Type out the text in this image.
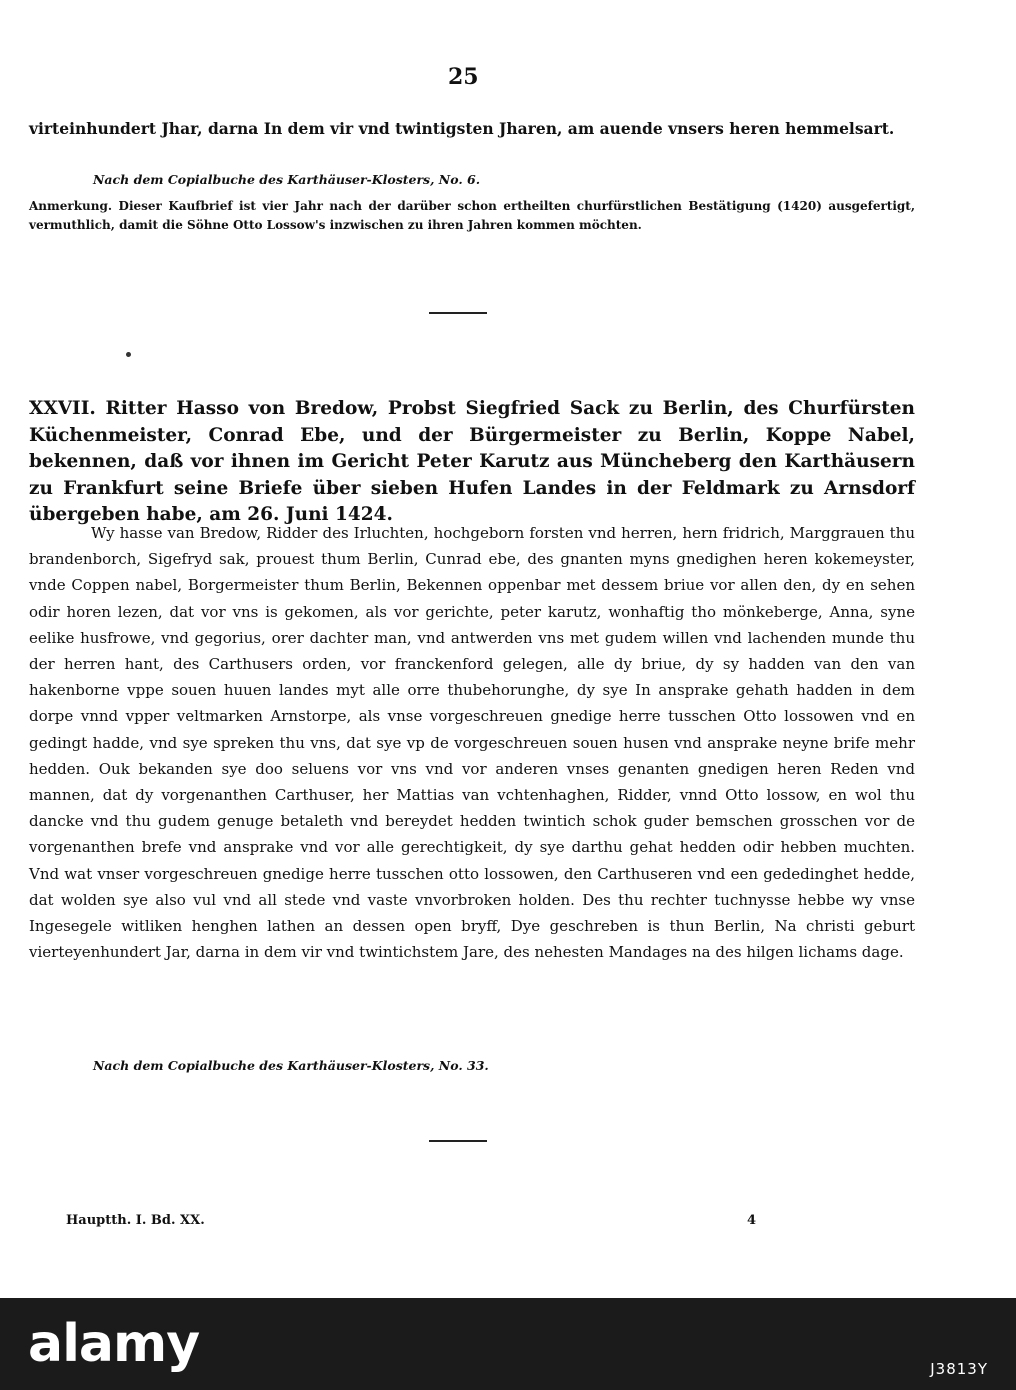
25
virteinhundert Jhar, darna In dem vir vnd twintigsten Jharen, am auende vnsers heren hemmelsart.
Nach dem Copialbuche des Karthäuser-Klosters, No. 6.
Anmerkung. Dieser Kaufbrief ist vier Jahr nach der darüber schon ertheilten churfürstlichen Bestätigung (1420) ausgefertigt, vermuthlich, damit die Söhne Otto Lossow's inzwischen zu ihren Jahren kommen möchten.
XXVII. Ritter Hasso von Bredow, Probst Siegfried Sack zu Berlin, des Churfürsten Küchenmeister, Conrad Ebe, und der Bürgermeister zu Berlin, Koppe Nabel, bekennen, daß vor ihnen im Gericht Peter Karutz aus Müncheberg den Karthäusern zu Frankfurt seine Briefe über sieben Hufen Landes in der Feldmark zu Arnsdorf übergeben habe, am 26. Juni 1424.
Wy hasse van Bredow, Ridder des Irluchten, hochgeborn forsten vnd herren, hern fridrich, Marggrauen thu brandenborch, Sigefryd sak, prouest thum Berlin, Cunrad ebe, des gnanten myns gnedighen heren kokemeyster, vnde Coppen nabel, Borgermeister thum Berlin, Bekennen oppenbar met dessem briue vor allen den, dy en sehen odir horen lezen, dat vor vns is gekomen, als vor gerichte, peter karutz, wonhaftig tho mönkeberge, Anna, syne eelike husfrowe, vnd gegorius, orer dachter man, vnd antwerden vns met gudem willen vnd lachenden munde thu der herren hant, des Carthusers orden, vor franckenford gelegen, alle dy briue, dy sy hadden van den van hakenborne vppe souen huuen landes myt alle orre thubehorunghe, dy sye In ansprake gehath hadden in dem dorpe vnnd vpper veltmarken Arnstorpe, als vnse vorgeschreuen gnedige herre tusschen Otto lossowen vnd en gedingt hadde, vnd sye spreken thu vns, dat sye vp de vorgeschreuen souen husen vnd ansprake neyne brife mehr hedden. Ouk bekanden sye doo seluens vor vns vnd vor anderen vnses genanten gnedigen heren Reden vnd mannen, dat dy vorgenanthen Carthuser, her Mattias van vchtenhaghen, Ridder, vnnd Otto lossow, en wol thu dancke vnd thu gudem genuge betaleth vnd bereydet hedden twintich schok guder bemschen grosschen vor de vorgenanthen brefe vnd ansprake vnd vor alle gerechtigkeit, dy sye darthu gehat hedden odir hebben muchten. Vnd wat vnser vorgeschreuen gnedige herre tusschen otto lossowen, den Carthuseren vnd een gededinghet hedde, dat wolden sye also vul vnd all stede vnd vaste vnvorbroken holden. Des thu rechter tuchnysse hebbe wy vnse Ingesegele witliken henghen lathen an dessen open bryff, Dye geschreben is thun Berlin, Na christi geburt vierteyenhundert Jar, darna in dem vir vnd twintichstem Jare, des nehesten Mandages na des hilgen lichams dage.
Nach dem Copialbuche des Karthäuser-Klosters, No. 33.
Hauptth. I. Bd. XX.	4
alamy	J3813Y
